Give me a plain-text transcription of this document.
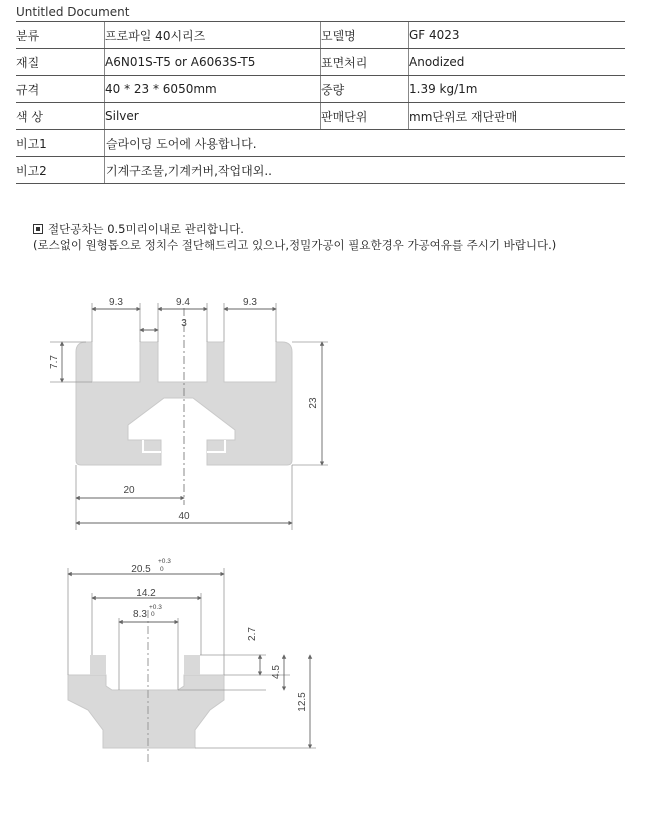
Untitled Document
분류	프로파일 40시리즈	모델명	GF 4023
재질	A6N01S-T5 or A6063S-T5	표면처리	Anodized
규격	40 * 23 * 6050mm	중량	1.39 kg/1m
색 상	Silver	판매단위	mm단위로 재단판매
비고1	슬라이딩 도어에 사용합니다.		
비고2	기계구조물,기계커버,작업대외..		
절단공차는 0.5미리이내로 관리합니다.
(로스없이 원형톱으로 정치수 절단해드리고 있으나,정밀가공이 필요한경우 가공여유를 주시기 바랍니다.)
9.3	9.4	9.3
3
7.7
23
20
40
20.5
+0.3
0
14.2
8.3
+0.3
0
2.7
4.5
12.5
